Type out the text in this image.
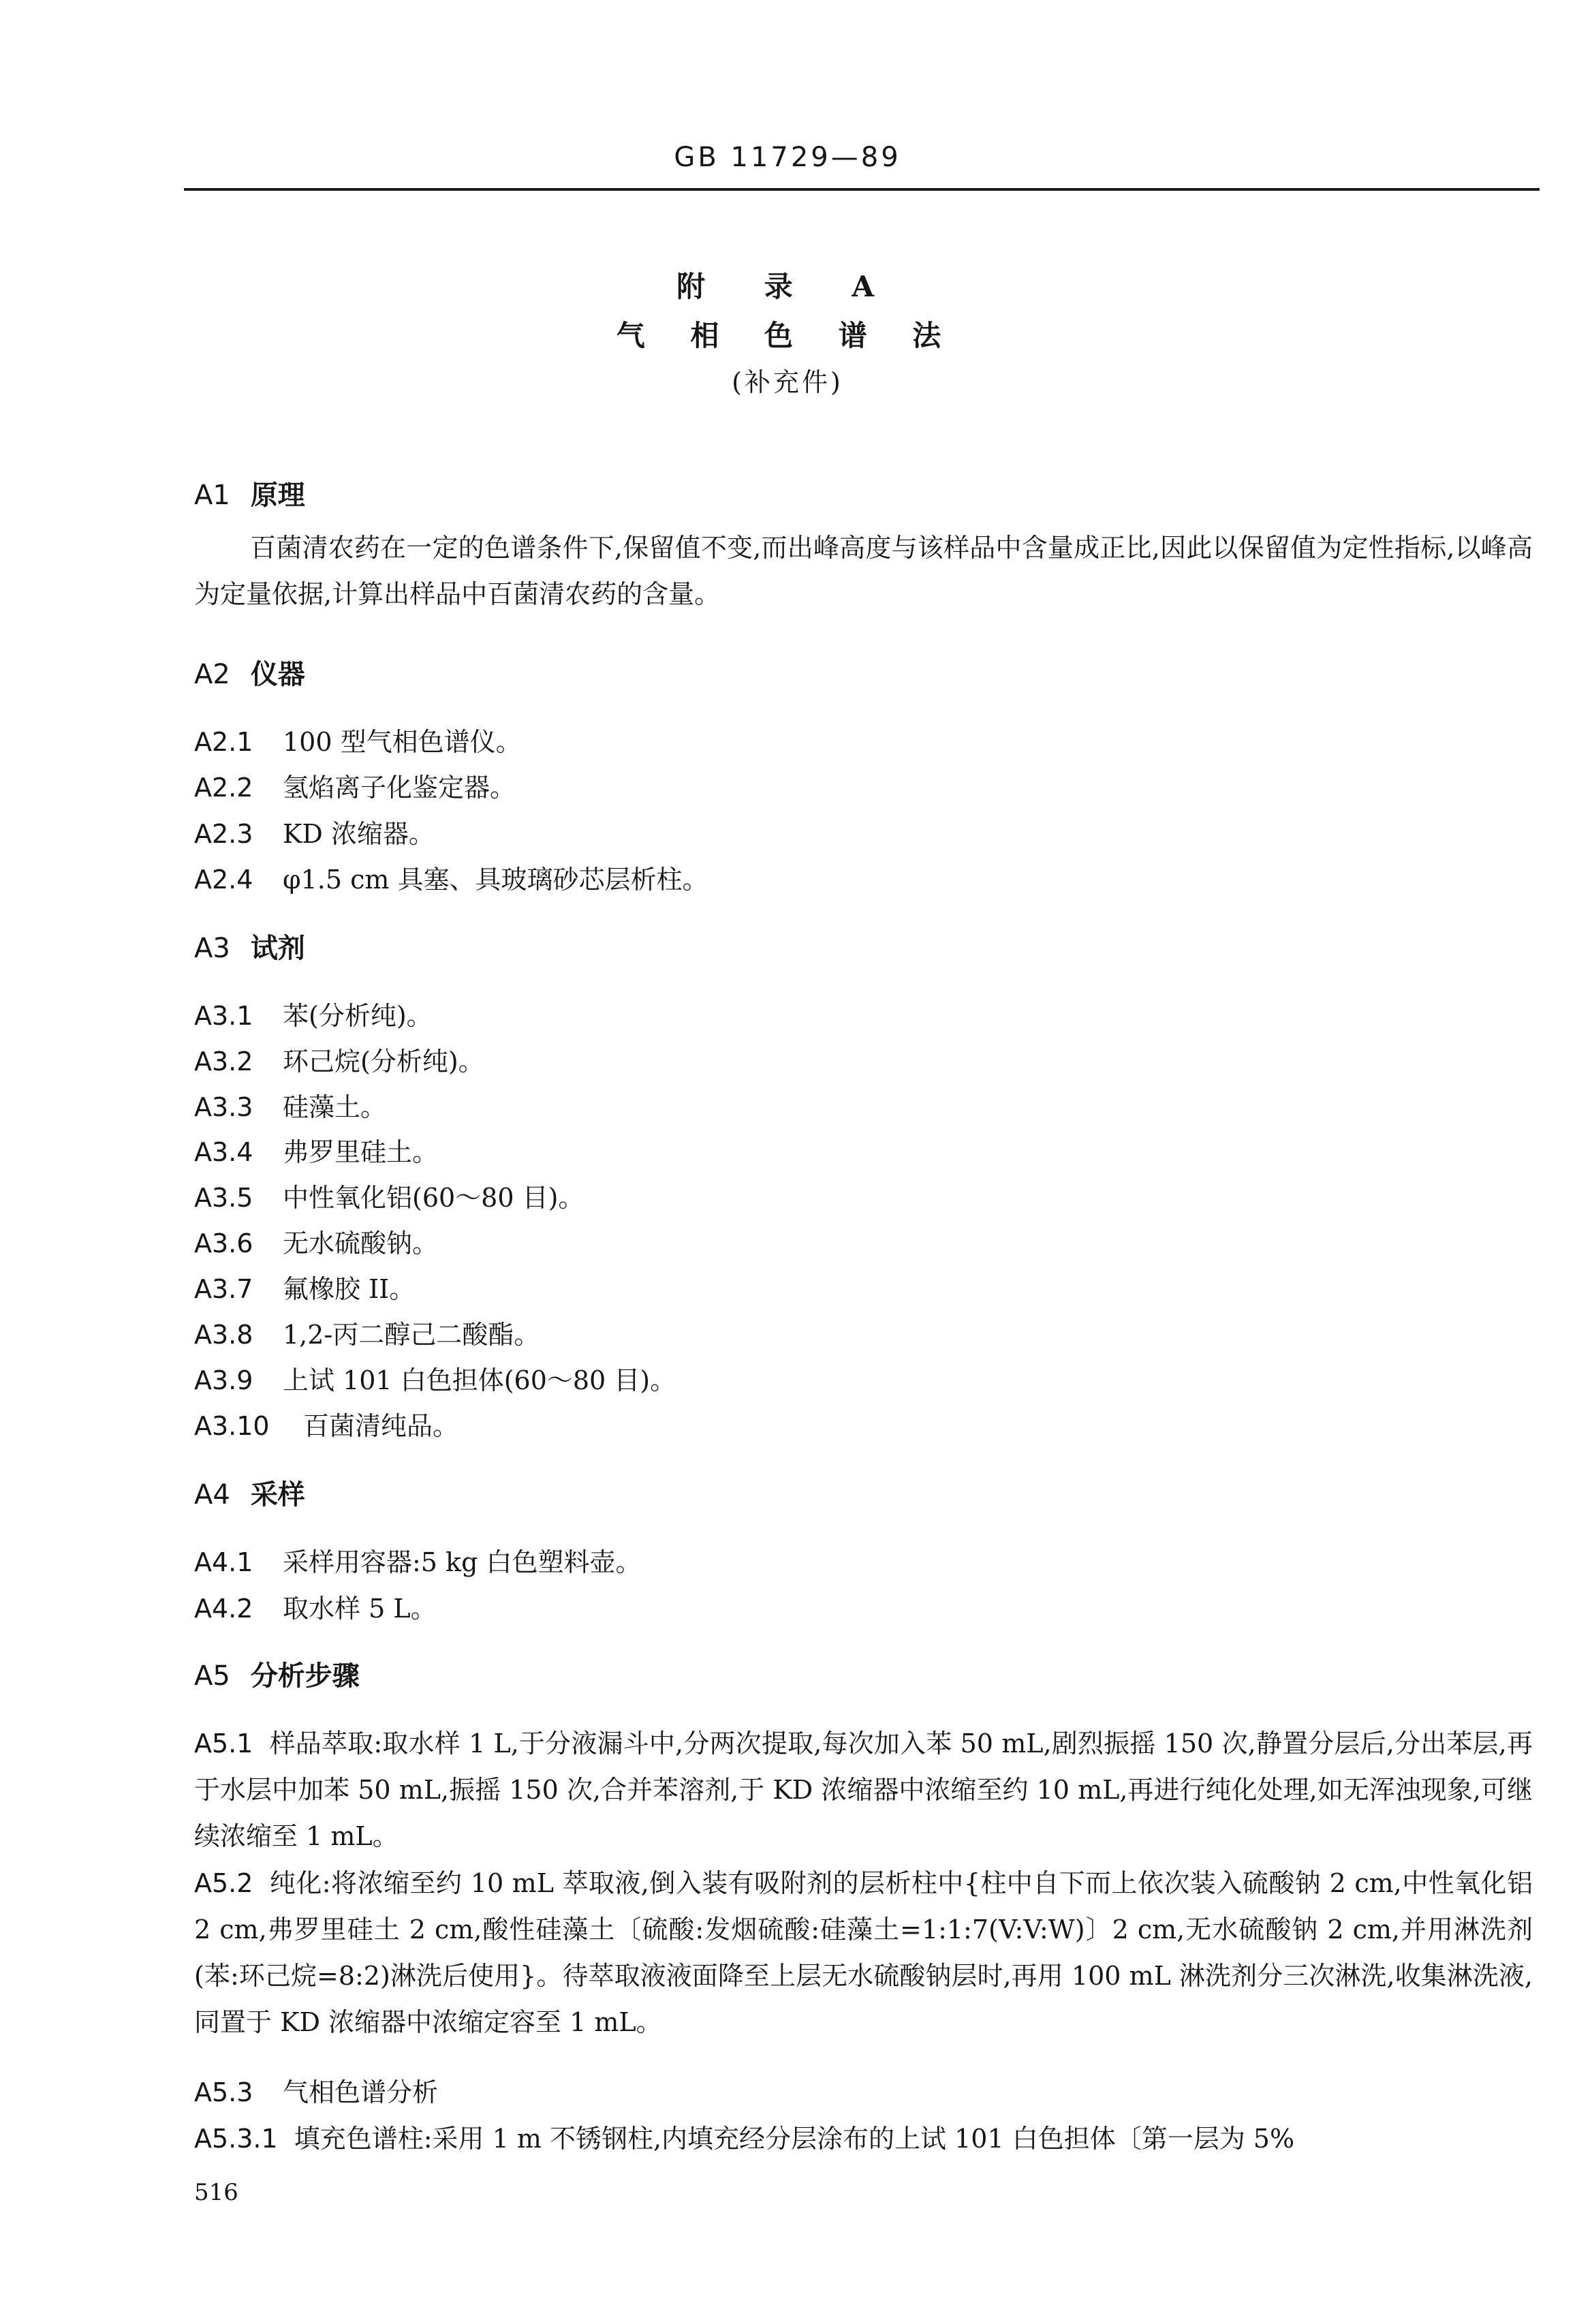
GB 11729—89
附 录 A
气 相 色 谱 法
(补充件)
A1 原理
百菌清农药在一定的色谱条件下,保留值不变,而出峰高度与该样品中含量成正比,因此以保留值为定性指标,以峰高为定量依据,计算出样品中百菌清农药的含量。
A2 仪器
A2.1 100 型气相色谱仪。
A2.2 氢焰离子化鉴定器。
A2.3 KD 浓缩器。
A2.4 φ1.5 cm 具塞、具玻璃砂芯层析柱。
A3 试剂
A3.1 苯(分析纯)。
A3.2 环己烷(分析纯)。
A3.3 硅藻土。
A3.4 弗罗里硅土。
A3.5 中性氧化铝(60～80 目)。
A3.6 无水硫酸钠。
A3.7 氟橡胶 II。
A3.8 1,2-丙二醇己二酸酯。
A3.9 上试 101 白色担体(60～80 目)。
A3.10 百菌清纯品。
A4 采样
A4.1 采样用容器:5 kg 白色塑料壶。
A4.2 取水样 5 L。
A5 分析步骤
A5.1 样品萃取:取水样 1 L,于分液漏斗中,分两次提取,每次加入苯 50 mL,剧烈振摇 150 次,静置分层后,分出苯层,再于水层中加苯 50 mL,振摇 150 次,合并苯溶剂,于 KD 浓缩器中浓缩至约 10 mL,再进行纯化处理,如无浑浊现象,可继续浓缩至 1 mL。
A5.2 纯化:将浓缩至约 10 mL 萃取液,倒入装有吸附剂的层析柱中{柱中自下而上依次装入硫酸钠 2 cm,中性氧化铝 2 cm,弗罗里硅土 2 cm,酸性硅藻土〔硫酸:发烟硫酸:硅藻土=1:1:7(V:V:W)〕2 cm,无水硫酸钠 2 cm,并用淋洗剂(苯:环己烷=8:2)淋洗后使用}。待萃取液液面降至上层无水硫酸钠层时,再用 100 mL 淋洗剂分三次淋洗,收集淋洗液,同置于 KD 浓缩器中浓缩定容至 1 mL。
A5.3 气相色谱分析
A5.3.1 填充色谱柱:采用 1 m 不锈钢柱,内填充经分层涂布的上试 101 白色担体〔第一层为 5%
516
